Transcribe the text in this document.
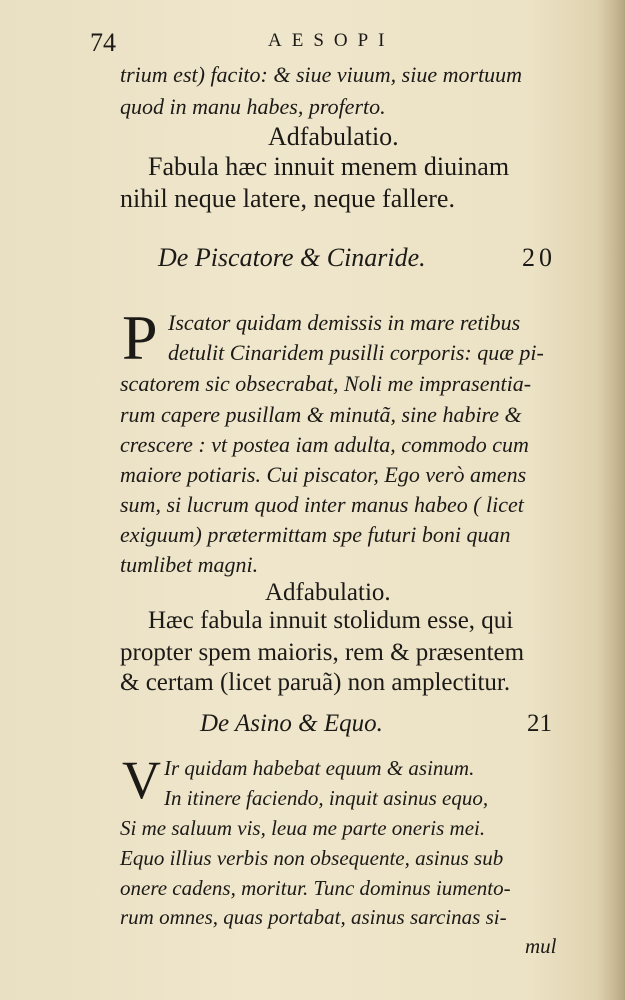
74	AESOPI
trium est) facito: & siue viuum, siue mortuum
quod in manu habes, proferto.
Adfabulatio.
Fabula hæc innuit menem diuinam
nihil neque latere, neque fallere.
De Piscatore & Cinaride.	20
P Iscator quidam demissis in mare retibus
detulit Cinaridem pusilli corporis: quæ pi-
scatorem sic obsecrabat, Noli me imprasentia-
rum capere pusillam & minutã, sine habire &
crescere : vt postea iam adulta, commodo cum
maiore potiaris. Cui piscator, Ego verò amens
sum, si lucrum quod inter manus habeo ( licet
exiguum) prætermittam spe futuri boni quan
tumlibet magni.
Adfabulatio.
Hæc fabula innuit stolidum esse, qui
propter spem maioris, rem & præsentem
& certam (licet paruã) non amplectitur.
De Asino & Equo.	21
V Ir quidam habebat equum & asinum.
In itinere faciendo, inquit asinus equo,
Si me saluum vis, leua me parte oneris mei.
Equo illius verbis non obsequente, asinus sub
onere cadens, moritur. Tunc dominus iumento-
rum omnes, quas portabat, asinus sarcinas si-
mul
